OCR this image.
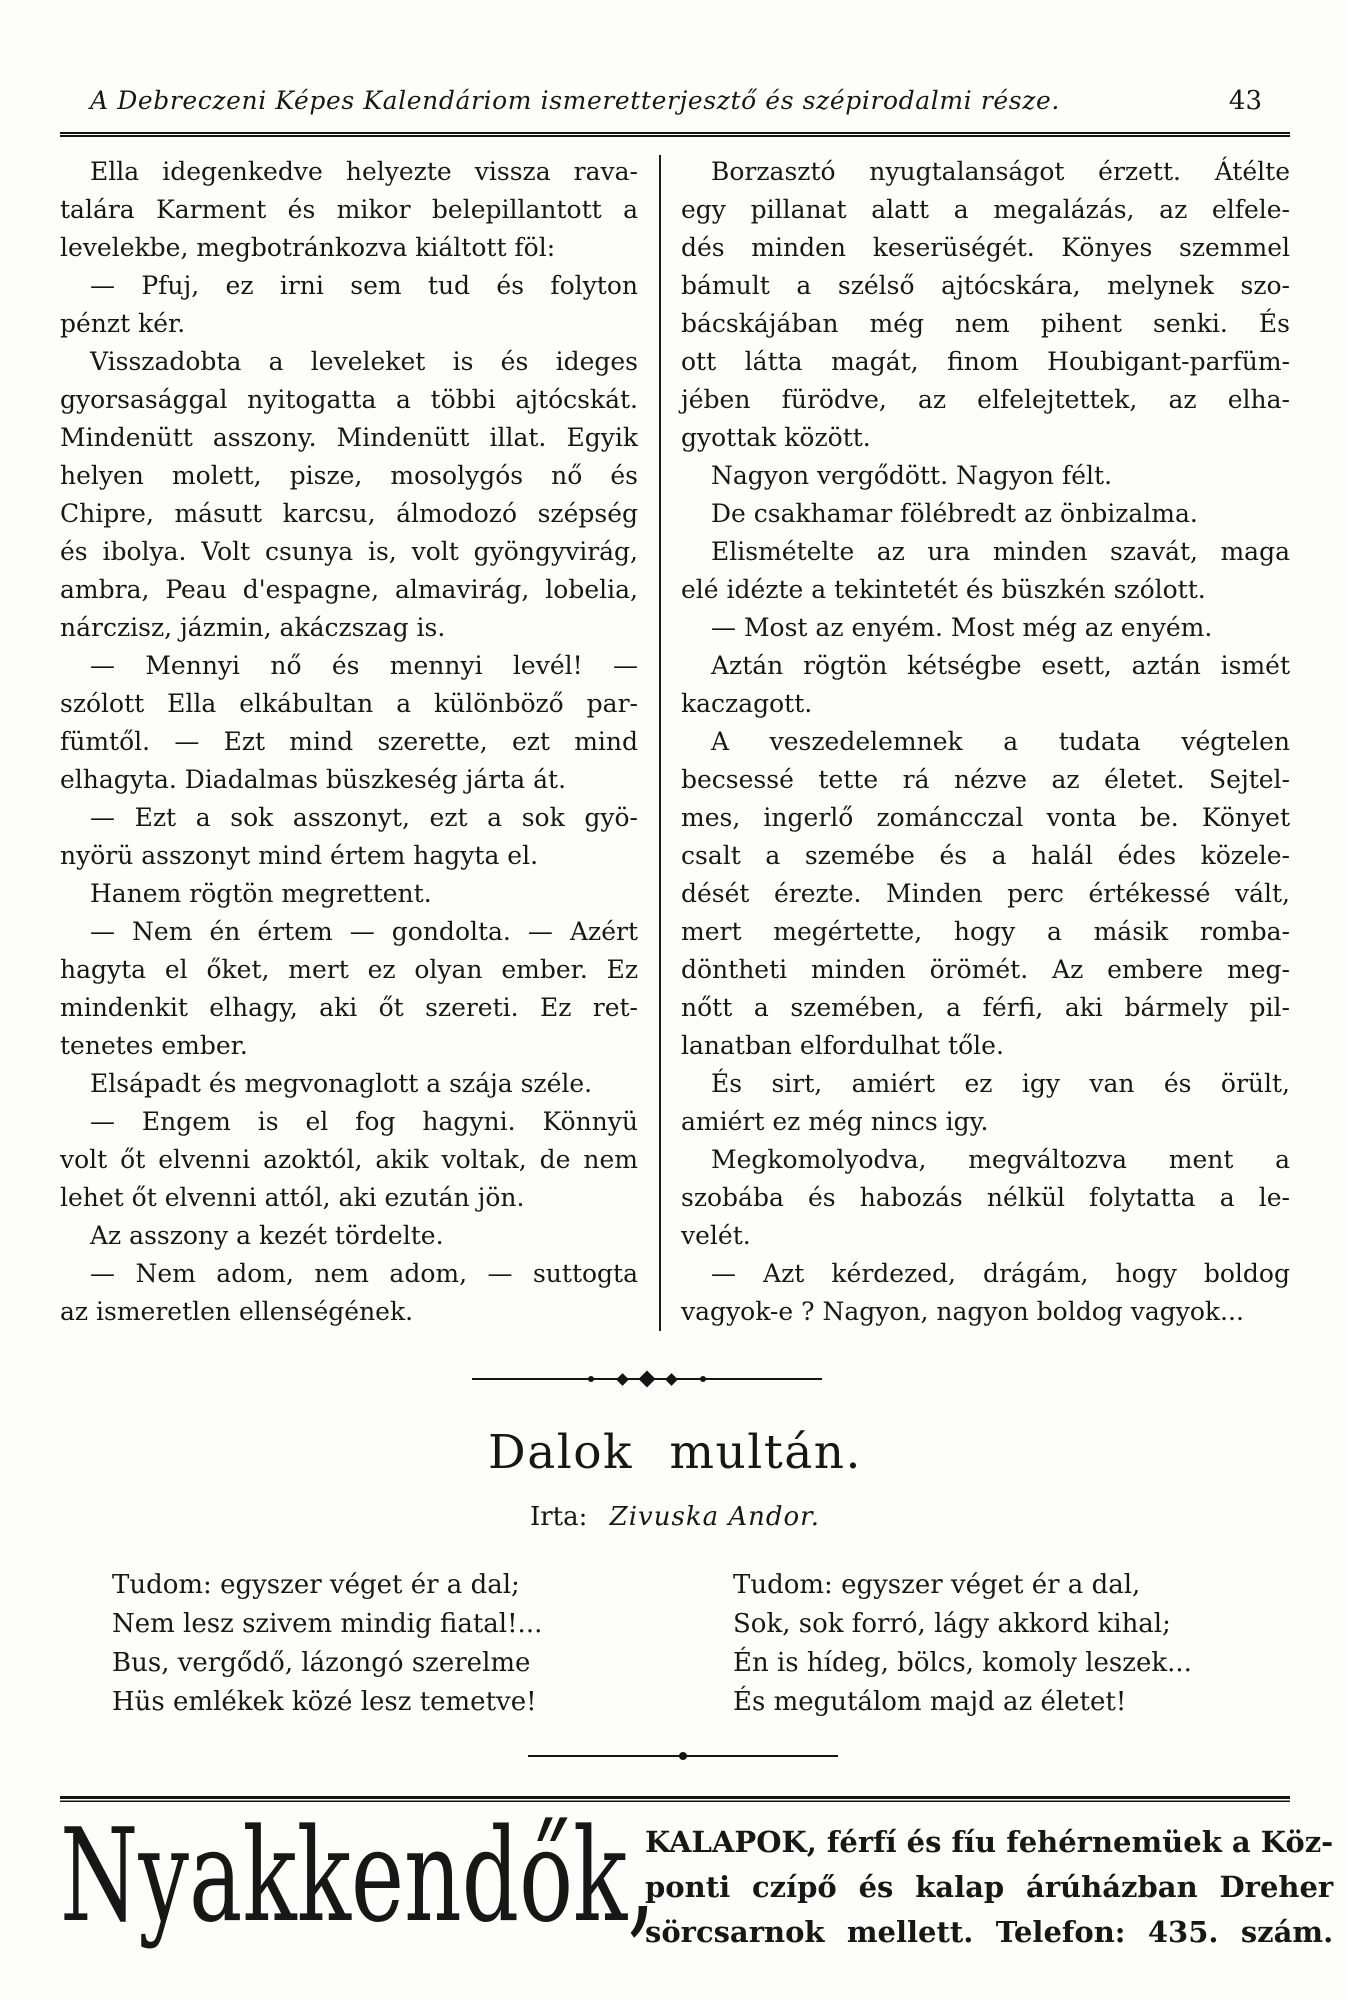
A Debreczeni Képes Kalendáriom ismeretterjesztő és szépirodalmi része.	43
Ella idegenkedve helyezte vissza rava-
talára Karment és mikor belepillantott a
levelekbe, megbotránkozva kiáltott föl:
— Pfuj, ez irni sem tud és folyton
pénzt kér.
Visszadobta a leveleket is és ideges
gyorsasággal nyitogatta a többi ajtócskát.
Mindenütt asszony. Mindenütt illat. Egyik
helyen molett, pisze, mosolygós nő és
Chipre, másutt karcsu, álmodozó szépség
és ibolya. Volt csunya is, volt gyöngyvirág,
ambra, Peau d'espagne, almavirág, lobelia,
nárczisz, jázmin, akáczszag is.
— Mennyi nő és mennyi levél! —
szólott Ella elkábultan a különböző par-
fümtől. — Ezt mind szerette, ezt mind
elhagyta. Diadalmas büszkeség járta át.
— Ezt a sok asszonyt, ezt a sok gyö-
nyörü asszonyt mind értem hagyta el.
Hanem rögtön megrettent.
— Nem én értem — gondolta. — Azért
hagyta el őket, mert ez olyan ember. Ez
mindenkit elhagy, aki őt szereti. Ez ret-
tenetes ember.
Elsápadt és megvonaglott a szája széle.
— Engem is el fog hagyni. Könnyü
volt őt elvenni azoktól, akik voltak, de nem
lehet őt elvenni attól, aki ezután jön.
Az asszony a kezét tördelte.
— Nem adom, nem adom, — suttogta
az ismeretlen ellenségének.
Borzasztó nyugtalanságot érzett. Átélte
egy pillanat alatt a megalázás, az elfele-
dés minden keserüségét. Könyes szemmel
bámult a szélső ajtócskára, melynek szo-
bácskájában még nem pihent senki. És
ott látta magát, finom Houbigant-parfüm-
jében fürödve, az elfelejtettek, az elha-
gyottak között.
Nagyon vergődött. Nagyon félt.
De csakhamar fölébredt az önbizalma.
Elismételte az ura minden szavát, maga
elé idézte a tekintetét és büszkén szólott.
— Most az enyém. Most még az enyém.
Aztán rögtön kétségbe esett, aztán ismét
kaczagott.
A veszedelemnek a tudata végtelen
becsessé tette rá nézve az életet. Sejtel-
mes, ingerlő zománcczal vonta be. Könyet
csalt a szemébe és a halál édes közele-
dését érezte. Minden perc értékessé vált,
mert megértette, hogy a másik romba-
döntheti minden örömét. Az embere meg-
nőtt a szemében, a férfi, aki bármely pil-
lanatban elfordulhat tőle.
És sirt, amiért ez igy van és örült,
amiért ez még nincs igy.
Megkomolyodva, megváltozva ment a
szobába és habozás nélkül folytatta a le-
velét.
— Azt kérdezed, drágám, hogy boldog
vagyok-e ? Nagyon, nagyon boldog vagyok...
Dalok multán.
Irta: Zivuska Andor.
Tudom: egyszer véget ér a dal;
Nem lesz szivem mindig fiatal!...
Bus, vergődő, lázongó szerelme
Hüs emlékek közé lesz temetve!
Tudom: egyszer véget ér a dal,
Sok, sok forró, lágy akkord kihal;
Én is hídeg, bölcs, komoly leszek...
És megutálom majd az életet!
Nyakkendők,
KALAPOK, férfí és fíu fehérnemüek a Köz-
ponti czípő és kalap árúházban Dreher
sörcsarnok mellett. Telefon: 435. szám.
